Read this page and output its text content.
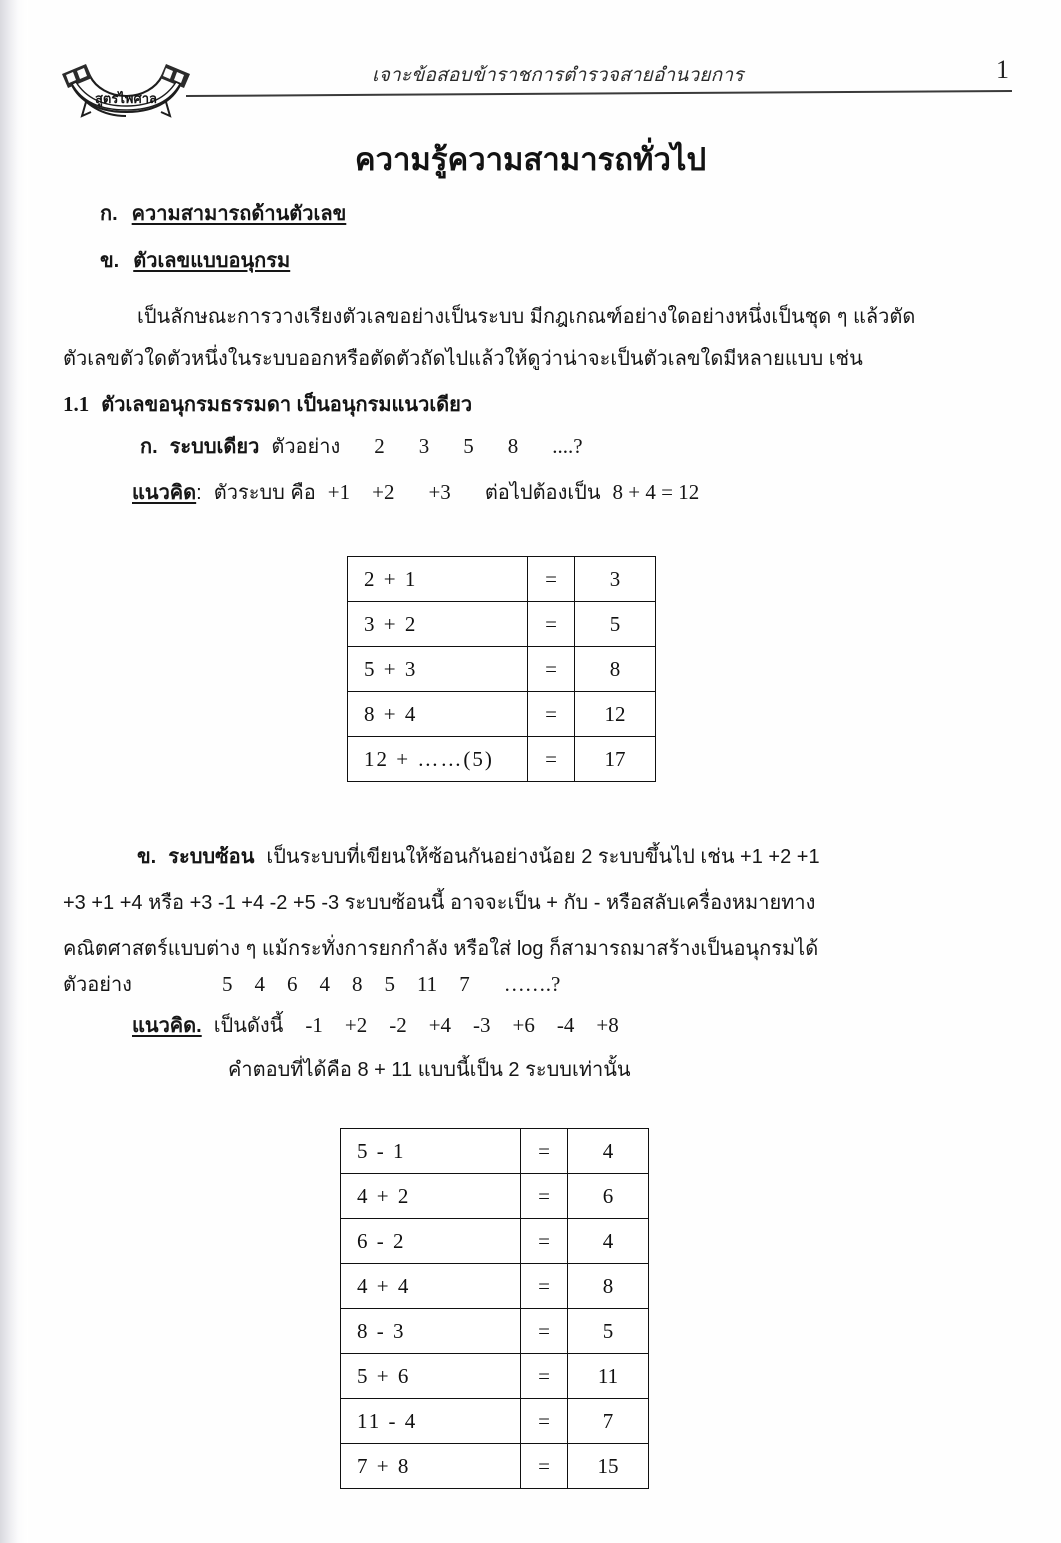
สูตรไพศาล
เจาะข้อสอบข้าราชการตำรวจสายอำนวยการ	1
ความรู้ความสามารถทั่วไป
ก. ความสามารถด้านตัวเลข
ข. ตัวเลขแบบอนุกรม
เป็นลักษณะการวางเรียงตัวเลขอย่างเป็นระบบ มีกฎเกณฑ์อย่างใดอย่างหนึ่งเป็นชุด ๆ แล้วตัด
ตัวเลขตัวใดตัวหนึ่งในระบบออกหรือตัดตัวถัดไปแล้วให้ดูว่าน่าจะเป็นตัวเลขใดมีหลายแบบ เช่น
1.1 ตัวเลขอนุกรมธรรมดา เป็นอนุกรมแนวเดียว
ก. ระบบเดียว ตัวอย่าง 2 3 5 8 ....?
แนวคิด: ตัวระบบ คือ +1 +2 +3 ต่อไปต้องเป็น 8 + 4 = 12
2 + 1	=	3
3 + 2	=	5
5 + 3	=	8
8 + 4	=	12
12 + ……(5)	=	17
ข. ระบบซ้อน เป็นระบบที่เขียนให้ซ้อนกันอย่างน้อย 2 ระบบขึ้นไป เช่น +1 +2 +1
+3 +1 +4 หรือ +3 -1 +4 -2 +5 -3 ระบบซ้อนนี้ อาจจะเป็น + กับ - หรือสลับเครื่องหมายทาง
คณิตศาสตร์แบบต่าง ๆ แม้กระทั่งการยกกำลัง หรือใส่ log ก็สามารถมาสร้างเป็นอนุกรมได้
ตัวอย่าง	5 4 6 4 8 5 11 7 …….?
แนวคิด. เป็นดังนี้ -1 +2 -2 +4 -3 +6 -4 +8
คำตอบที่ได้คือ 8 + 11 แบบนี้เป็น 2 ระบบเท่านั้น
5 - 1	=	4
4 + 2	=	6
6 - 2	=	4
4 + 4	=	8
8 - 3	=	5
5 + 6	=	11
11 - 4	=	7
7 + 8	=	15
